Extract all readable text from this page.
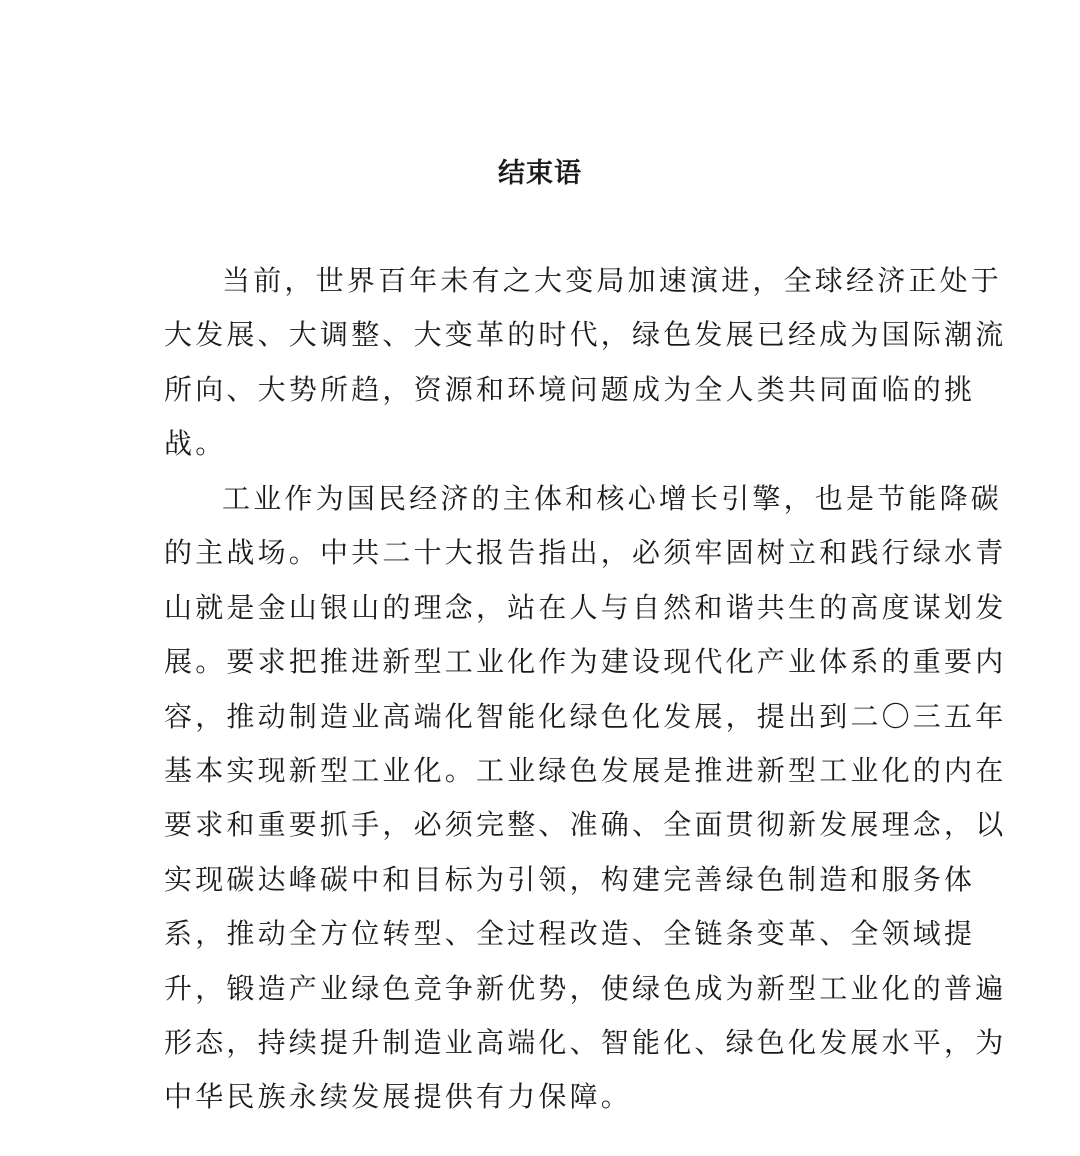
结束语

当前，世界百年未有之大变局加速演进，全球经济正处于
大发展、大调整、大变革的时代，绿色发展已经成为国际潮流
所向、大势所趋，资源和环境问题成为全人类共同面临的挑
战。

工业作为国民经济的主体和核心增长引擎，也是节能降碳
的主战场。中共二十大报告指出，必须牢固树立和践行绿水青
山就是金山银山的理念，站在人与自然和谐共生的高度谋划发
展。要求把推进新型工业化作为建设现代化产业体系的重要内
容，推动制造业高端化智能化绿色化发展，提出到二〇三五年
基本实现新型工业化。工业绿色发展是推进新型工业化的内在
要求和重要抓手，必须完整、准确、全面贯彻新发展理念，以
实现碳达峰碳中和目标为引领，构建完善绿色制造和服务体
系，推动全方位转型、全过程改造、全链条变革、全领域提
升，锻造产业绿色竞争新优势，使绿色成为新型工业化的普遍
形态，持续提升制造业高端化、智能化、绿色化发展水平，为
中华民族永续发展提供有力保障。
